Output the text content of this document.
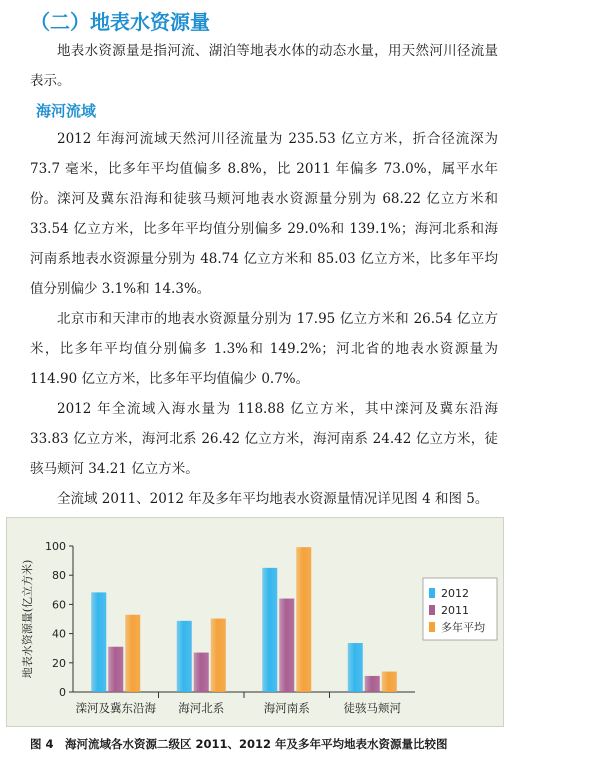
（二）地表水资源量

地表水资源量是指河流、湖泊等地表水体的动态水量，用天然河川径流量表示。

海河流域

2012 年海河流域天然河川径流量为 235.53 亿立方米，折合径流深为 73.7 毫米，比多年平均值偏多 8.8%，比 2011 年偏多 73.0%，属平水年份。 滦河及冀东沿海和徒骇马颊河地表水资源量分别为 68.22 亿立方米和 33.54 亿立方米，比多年平均值分别偏多 29.0%和 139.1%；海河北系和海河南系地表水资源量分别为 48.74 亿立方米和 85.03 亿立方米，比多年平均值分别偏少 3.1%和 14.3%。

北京市和天津市的地表水资源量分别为 17.95 亿立方米和 26.54 亿立方米，比多年平均值分别偏多 1.3%和 149.2%；河北省的地表水资源量为 114.90 亿立方米，比多年平均值偏少 0.7%。

2012 年全流域入海水量为 118.88 亿立方米，其中滦河及冀东沿海 33.83 亿立方米，海河北系 26.42 亿立方米，海河南系 24.42 亿立方米，徒骇马颊河 34.21 亿立方米。

全流域 2011、2012 年及多年平均地表水资源量情况详见图 4 和图 5。

0
20
40
60
80
100
地表水资源量(亿立方米)
滦河及冀东沿海 海河北系	海河南系	徒骇马颊河
2012
2011
多年平均

图 4　海河流域各水资源二级区 2011、2012 年及多年平均地表水资源量比较图
